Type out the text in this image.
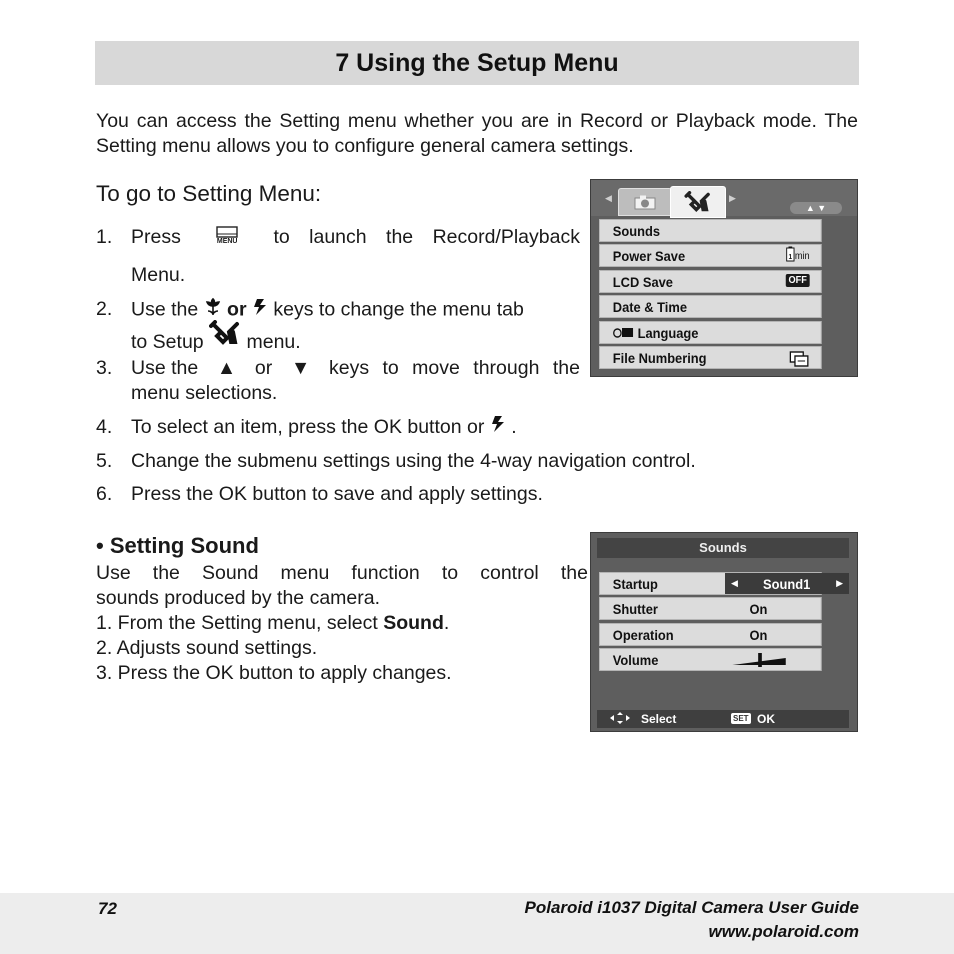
7 Using the Setup Menu
You can access the Setting menu whether you are in Record or Playback mode. The Setting menu allows you to configure general camera settings.
To go to Setting Menu:
1. Press	MENU to launch the Record/Playback
Menu.
2. Use the or keys to change the menu tab
to Setup menu.
3. Use the ▲ or ▼ keys to move through the
menu selections.
4. To select an item, press the OK button or .
5. Change the submenu settings using the 4-way navigation control.
6. Press the OK button to save and apply settings.
◀	▶
▲ ▼
Sounds
Power Save	1 min
LCD Save	OFF
Date & Time
Language
File Numbering
• Setting Sound
Use the Sound menu function to control the
sounds produced by the camera.
1. From the Setting menu, select Sound.
2. Adjusts sound settings.
3. Press the OK button to apply changes.
Sounds
Startup	◀ Sound1	▶
Shutter	On
Operation	On
Volume
Select	SET OK
72	Polaroid i1037 Digital Camera User Guide
www.polaroid.com
